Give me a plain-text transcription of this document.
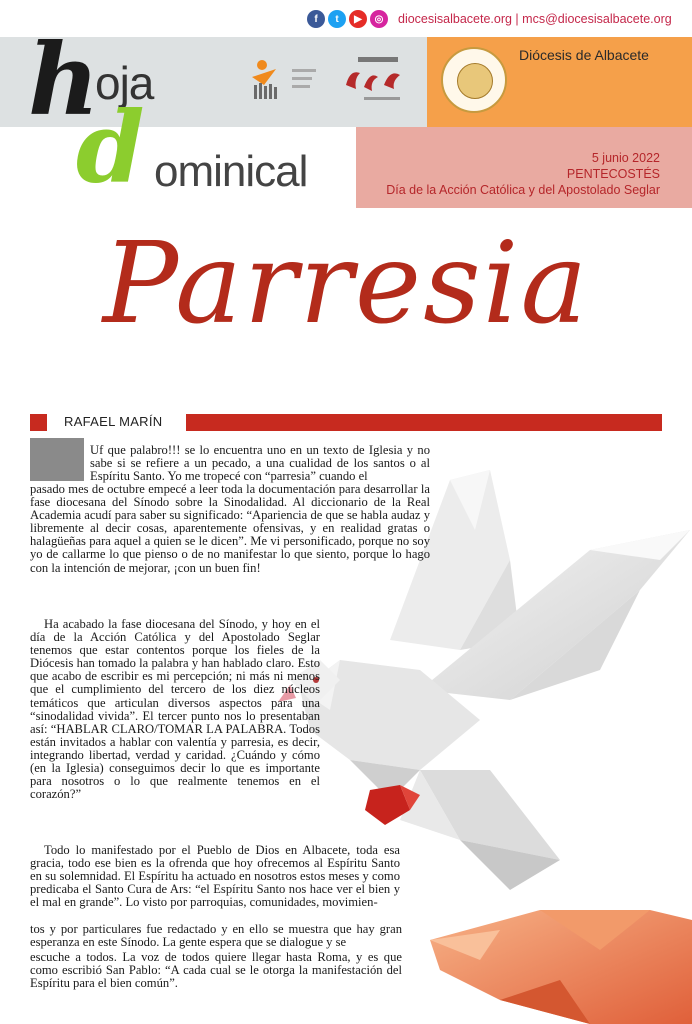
f	t	▶	◎	diocesisalbacete.org | mcs@diocesisalbacete.org
Diócesis de Albacete
h
oja
d ominical	5 junio 2022
PENTECOSTÉS
Día de la Acción Católica y del Apostolado Seglar
Parresia
RAFAEL MARÍN
Uf que palabro!!! se lo encuentra uno en un texto de Iglesia y no sabe si se refiere a un pecado, a una cualidad de los santos o al Espíritu Santo. Yo me tropecé con “parresia” cuando el
pasado mes de octubre empecé a leer toda la documentación para desarrollar la fase diocesana del Sínodo sobre la Sinodalidad. Al diccionario de la Real Academia acudí para saber su significado: “Apariencia de que se habla audaz y libremente al decir cosas, aparentemente ofensivas, y en realidad gratas o halagüeñas para aquel a quien se le dicen”. Me vi personificado, porque no soy yo de callarme lo que pienso o de no manifestar lo que siento, porque lo hago con la intención de mejorar, ¡con un buen fin!
Ha acabado la fase diocesana del Sínodo, y hoy en el día de la Acción Católica y del Apostolado Seglar tenemos que estar contentos porque los fieles de la Diócesis han tomado la palabra y han hablado claro. Esto que acabo de escribir es mi percepción; ni más ni menos que el cumplimiento del tercero de los diez núcleos temáticos que articulan diversos aspectos para una “sinodalidad vivida”. El tercer punto nos lo presentaban así: “HABLAR CLARO/TOMAR LA PALABRA. Todos están invitados a hablar con valentía y parresia, es decir, integrando libertad, verdad y caridad. ¿Cuándo y cómo (en la Iglesia) conseguimos decir lo que es importante para nosotros o lo que realmente tenemos en el corazón?”
Todo lo manifestado por el Pueblo de Dios en Albacete, toda esa gracia, todo ese bien es la ofrenda que hoy ofrecemos al Espíritu Santo en su solemnidad. El Espíritu ha actuado en nosotros estos meses y como predicaba el Santo Cura de Ars: “el Espíritu Santo nos hace ver el bien y el mal en grande”. Lo visto por parroquias, comunidades, movimien-
tos y por particulares fue redactado y en ello se muestra que hay gran esperanza en este Sínodo. La gente espera que se dialogue y se
escuche a todos. La voz de todos quiere llegar hasta Roma, y es que como escribió San Pablo: “A cada cual se le otorga la manifestación del Espíritu para el bien común”.
